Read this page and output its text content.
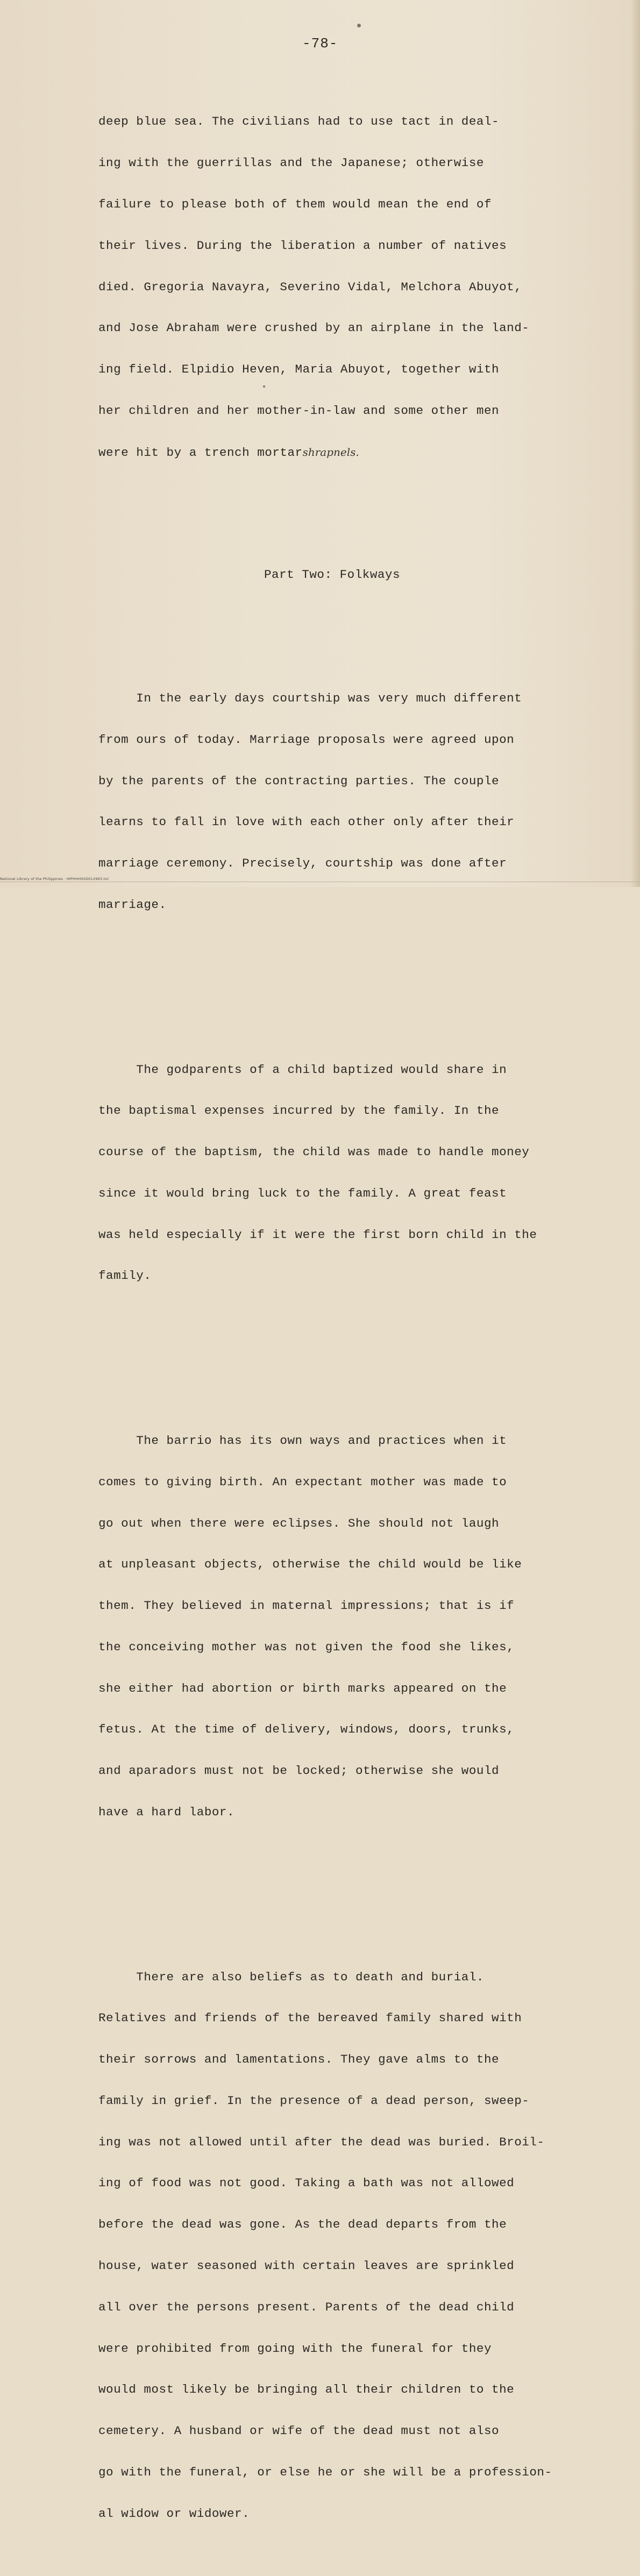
-78-

deep blue sea. The civilians had to use tact in deal-

ing with the guerrillas and the Japanese; otherwise

failure to please both of them would mean the end of

their lives. During the liberation a number of natives

died. Gregoria Navayra, Severino Vidal, Melchora Abuyot,

and Jose Abraham were crushed by an airplane in the land-

ing field. Elpidio Heven, Maria Abuyot, together with

her children and her mother-in-law and some other men

were hit by a trench mortarshrapnels.

Part Two: Folkways

In the early days courtship was very much different

from ours of today. Marriage proposals were agreed upon

by the parents of the contracting parties. The couple

learns to fall in love with each other only after their

marriage ceremony. Precisely, courtship was done after

marriage.

The godparents of a child baptized would share in

the baptismal expenses incurred by the family. In the

course of the baptism, the child was made to handle money

since it would bring luck to the family. A great feast

was held especially if it were the first born child in the

family.

The barrio has its own ways and practices when it

comes to giving birth. An expectant mother was made to

go out when there were eclipses. She should not laugh

at unpleasant objects, otherwise the child would be like

them. They believed in maternal impressions; that is if

the conceiving mother was not given the food she likes,

she either had abortion or birth marks appeared on the

fetus. At the time of delivery, windows, doors, trunks,

and aparadors must not be locked; otherwise she would

have a hard labor.

There are also beliefs as to death and burial.

Relatives and friends of the bereaved family shared with

their sorrows and lamentations. They gave alms to the

family in grief. In the presence of a dead person, sweep-

ing was not allowed until after the dead was buried. Broil-

ing of food was not good. Taking a bath was not allowed

before the dead was gone. As the dead departs from the

house, water seasoned with certain leaves are sprinkled

all over the persons present. Parents of the dead child

were prohibited from going with the funeral for they

would most likely be bringing all their children to the

cemetery. A husband or wife of the dead must not also

go with the funeral, or else he or she will be a profession-

al widow or widower.

National Library of the Philippines · HIPHHHSSD012993.txt
